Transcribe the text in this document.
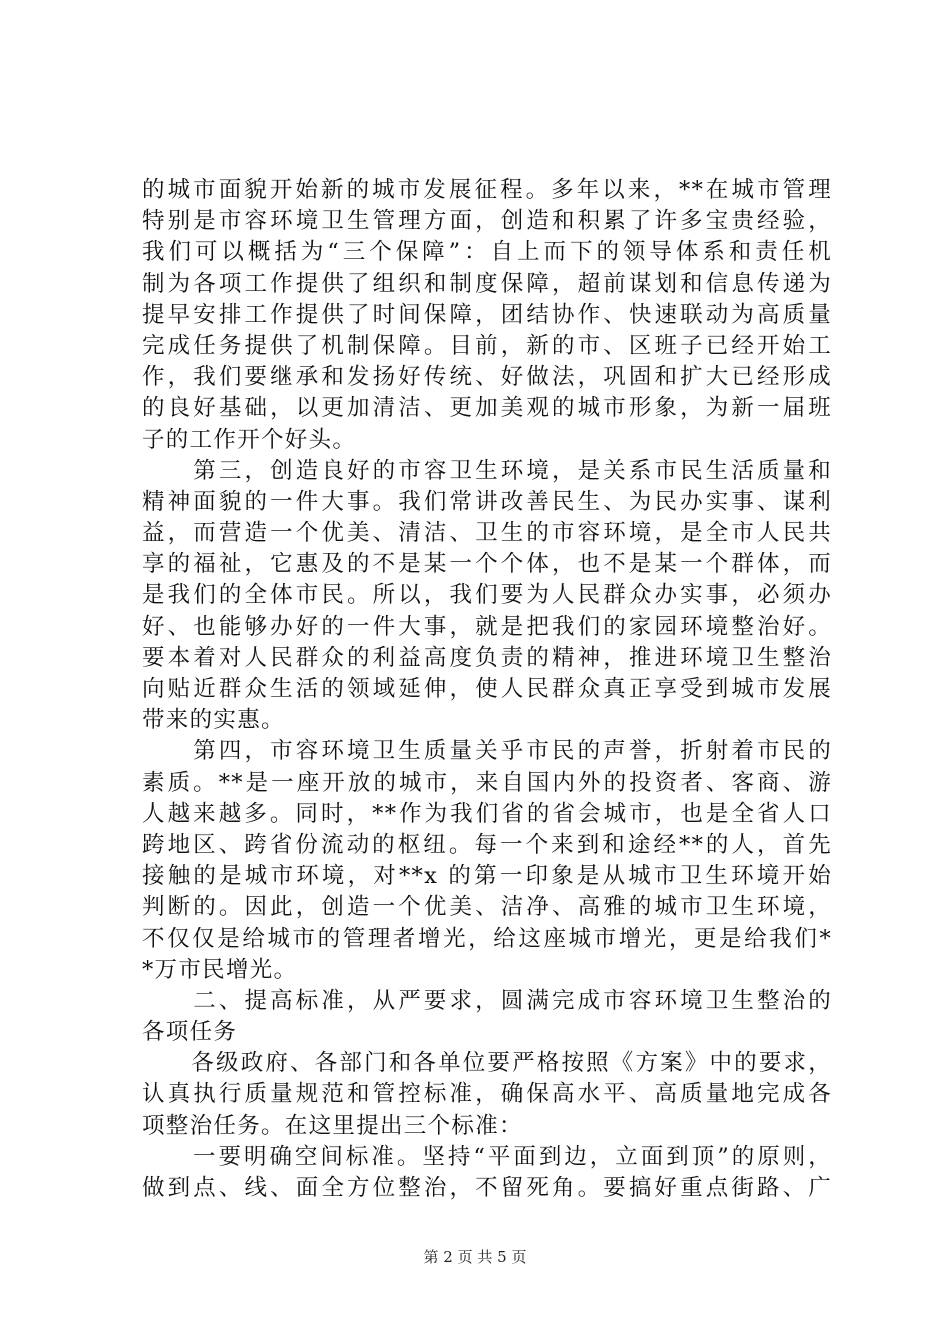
的城市面貌开始新的城市发展征程。多年以来，**在城市管理
特别是市容环境卫生管理方面，创造和积累了许多宝贵经验，
我们可以概括为“三个保障”：自上而下的领导体系和责任机
制为各项工作提供了组织和制度保障，超前谋划和信息传递为
提早安排工作提供了时间保障，团结协作、快速联动为高质量
完成任务提供了机制保障。目前，新的市、区班子已经开始工
作，我们要继承和发扬好传统、好做法，巩固和扩大已经形成
的良好基础，以更加清洁、更加美观的城市形象，为新一届班
子的工作开个好头。
　　第三，创造良好的市容卫生环境，是关系市民生活质量和
精神面貌的一件大事。我们常讲改善民生、为民办实事、谋利
益，而营造一个优美、清洁、卫生的市容环境，是全市人民共
享的福祉，它惠及的不是某一个个体，也不是某一个群体，而
是我们的全体市民。所以，我们要为人民群众办实事，必须办
好、也能够办好的一件大事，就是把我们的家园环境整治好。
要本着对人民群众的利益高度负责的精神，推进环境卫生整治
向贴近群众生活的领域延伸，使人民群众真正享受到城市发展
带来的实惠。
　　第四，市容环境卫生质量关乎市民的声誉，折射着市民的
素质。**是一座开放的城市，来自国内外的投资者、客商、游
人越来越多。同时，**作为我们省的省会城市，也是全省人口
跨地区、跨省份流动的枢纽。每一个来到和途经**的人，首先
接触的是城市环境，对**x 的第一印象是从城市卫生环境开始
判断的。因此，创造一个优美、洁净、高雅的城市卫生环境，
不仅仅是给城市的管理者增光，给这座城市增光，更是给我们*
*万市民增光。
　　二、提高标准，从严要求，圆满完成市容环境卫生整治的
各项任务
　　各级政府、各部门和各单位要严格按照《方案》中的要求，
认真执行质量规范和管控标准，确保高水平、高质量地完成各
项整治任务。在这里提出三个标准：
　　一要明确空间标准。坚持“平面到边，立面到顶”的原则，
做到点、线、面全方位整治，不留死角。要搞好重点街路、广
第 2 页 共 5 页
